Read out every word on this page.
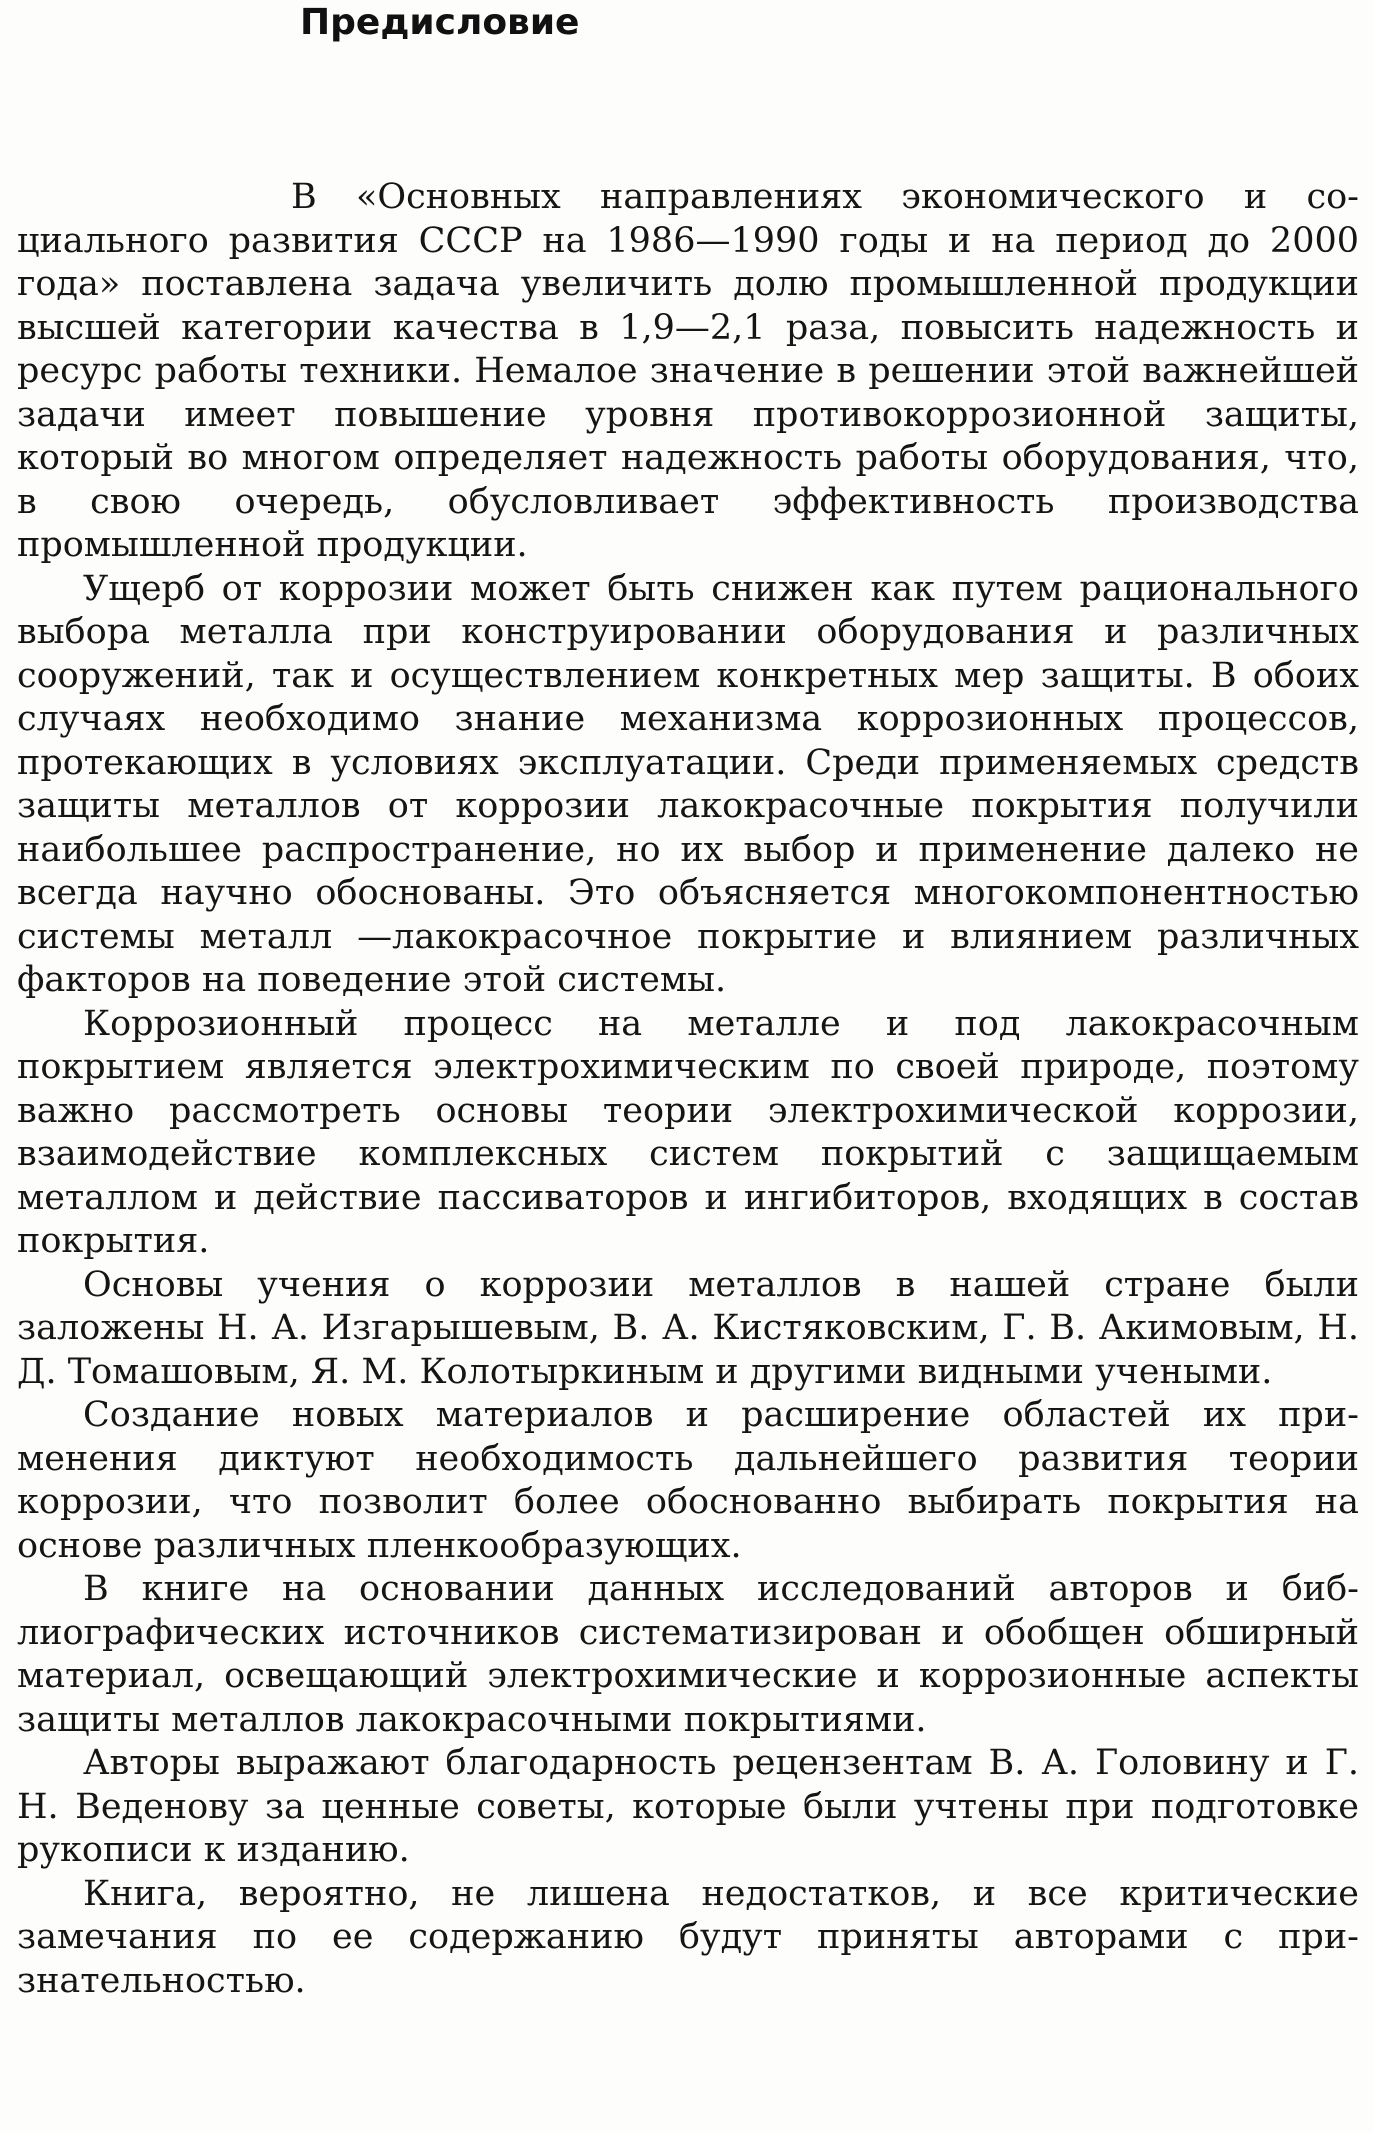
Предисловие

В «Основных направлениях экономического и социального развития СССР на 1986—1990 годы и на период до 2000 года» поставлена задача увеличить долю промышленной продукции высшей категории качества в 1,9—2,1 раза, повысить надежность и ресурс работы техники. Немалое значение в решении этой важнейшей задачи имеет повышение уровня противокоррозионной защиты, который во многом определяет надежность работы оборудования, что, в свою очередь, обусловливает эффективность производства промышленной продукции.

Ущерб от коррозии может быть снижен как путем рационального выбора металла при конструировании оборудования и различных сооружений, так и осуществлением конкретных мер защиты. В обоих случаях необходимо знание механизма коррозионных процессов, протекающих в условиях эксплуатации. Среди применяемых средств защиты металлов от коррозии лакокрасочные покрытия получили наибольшее распространение, но их выбор и применение далеко не всегда научно обоснованы. Это объясняется многокомпонентностью системы металл —лакокрасочное покрытие и влиянием различных факторов на поведение этой системы.

Коррозионный процесс на металле и под лакокрасочным покрытием является электрохимическим по своей природе, поэтому важно рассмотреть основы теории электрохимической коррозии, взаимодействие комплексных систем покрытий с защищаемым металлом и действие пассиваторов и ингибиторов, входящих в состав покрытия.

Основы учения о коррозии металлов в нашей стране были заложены Н. А. Изгарышевым, В. А. Кистяковским, Г. В. Акимовым, Н. Д. Томашовым, Я. М. Колотыркиным и другими видными учеными.

Создание новых материалов и расширение областей их применения диктуют необходимость дальнейшего развития теории коррозии, что позволит более обоснованно выбирать покрытия на основе различных пленкообразующих.

В книге на основании данных исследований авторов и библиографических источников систематизирован и обобщен обширный материал, освещающий электрохимические и коррозионные аспекты защиты металлов лакокрасочными покрытиями.

Авторы выражают благодарность рецензентам В. А. Головину и Г. Н. Веденову за ценные советы, которые были учтены при подготовке рукописи к изданию.

Книга, вероятно, не лишена недостатков, и все критические замечания по ее содержанию будут приняты авторами с признательностью.
